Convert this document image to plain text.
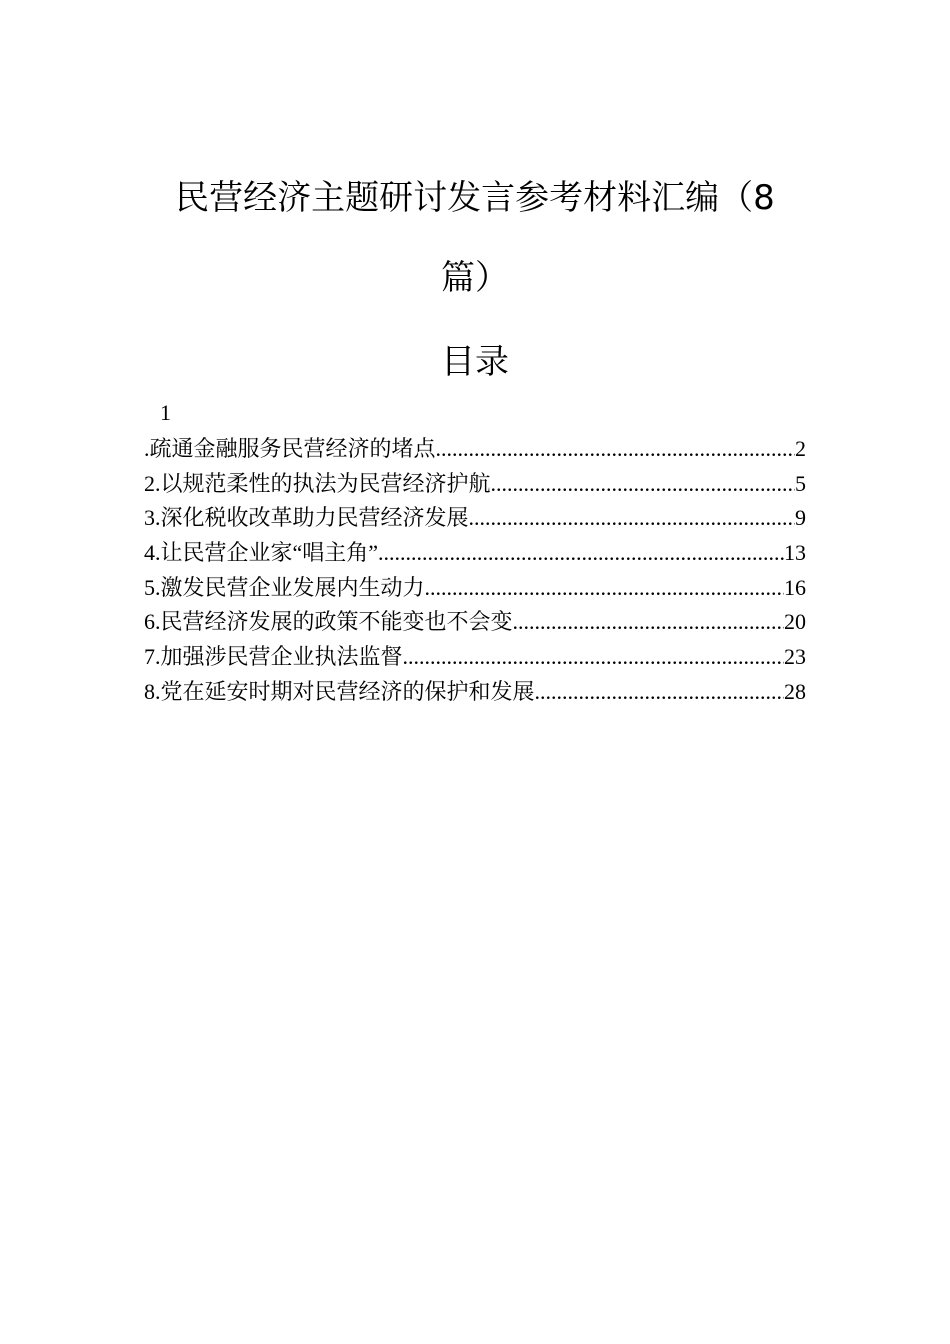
民营经济主题研讨发言参考材料汇编（8篇）
目录
1
.疏通金融服务民营经济的堵点 .....	2
2.以规范柔性的执法为民营经济护航 .....	5
3.深化税收改革助力民营经济发展 .....	9
4.让民营企业家“唱主角” .....	13
5.激发民营企业发展内生动力 .....	16
6.民营经济发展的政策不能变也不会变 .....	20
7.加强涉民营企业执法监督 .....	23
8.党在延安时期对民营经济的保护和发展 .....	28
